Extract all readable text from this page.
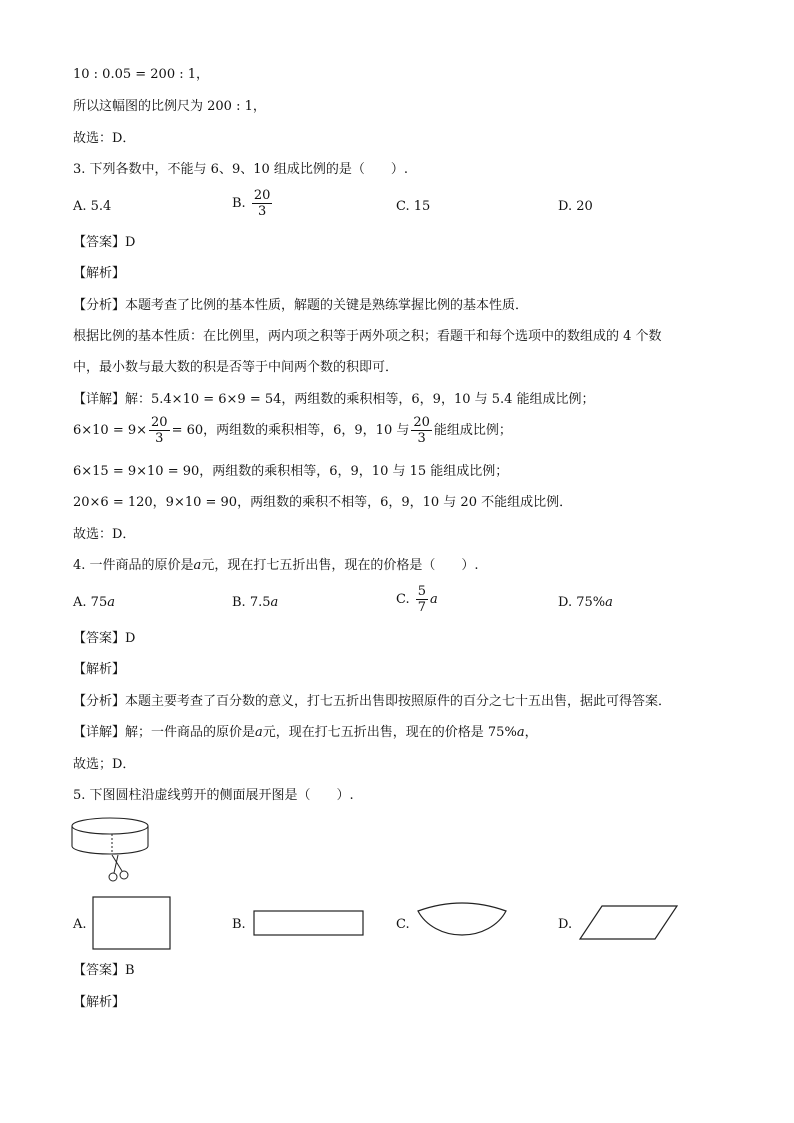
10 : 0.05 = 200 : 1，
所以这幅图的比例尺为 200 : 1，
故选：D．
3. 下列各数中，不能与 6、9、10 组成比例的是（　　）.
A. 5.4	B. $\frac{20}{3}$	C. 15	D. 20
【答案】D
【解析】
【分析】本题考查了比例的基本性质，解题的关键是熟练掌握比例的基本性质．
根据比例的基本性质：在比例里，两内项之积等于两外项之积；看题干和每个选项中的数组成的 4 个数
中，最小数与最大数的积是否等于中间两个数的积即可．
【详解】解：5.4×10 = 6×9 = 54，两组数的乘积相等，6，9，10 与 5.4 能组成比例；
$6\times 10 = 9\times \frac{20}{3} = 60$，两组数的乘积相等，6，9，10 与 $\frac{20}{3}$ 能组成比例；
6×15 = 9×10 = 90，两组数的乘积相等，6，9，10 与 15 能组成比例；
20×6 = 120，9×10 = 90，两组数的乘积不相等，6，9，10 与 20 不能组成比例．
故选：D．
4. 一件商品的原价是a元，现在打七五折出售，现在的价格是（　　）.
A. 75a	B. 7.5a	C. $\frac{5}{7}$ a	D. 75%a
【答案】D
【解析】
【分析】本题主要考查了百分数的意义，打七五折出售即按照原件的百分之七十五出售，据此可得答案．
【详解】解；一件商品的原价是a元，现在打七五折出售，现在的价格是 75%a，
故选；D．
5. 下图圆柱沿虚线剪开的侧面展开图是（　　）.
A.	B.	C.	D.
【答案】B
【解析】
